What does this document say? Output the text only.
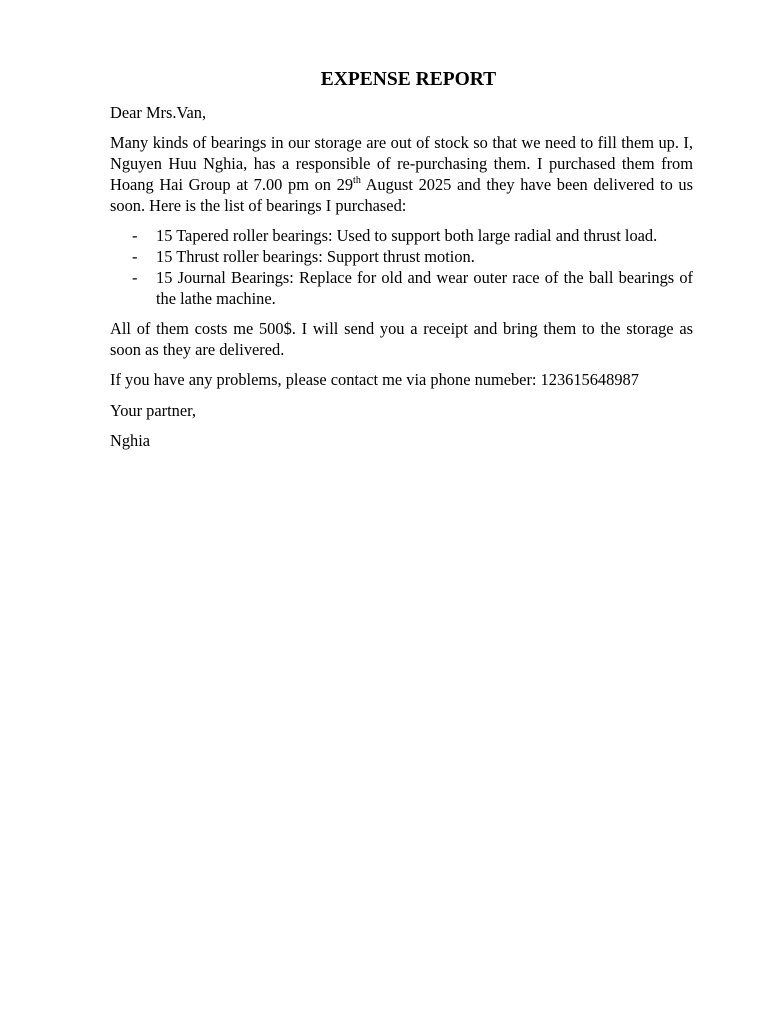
EXPENSE REPORT

Dear Mrs.Van,

Many kinds of bearings in our storage are out of stock so that we need to fill them up. I, Nguyen Huu Nghia, has a responsible of re-purchasing them. I purchased them from Hoang Hai Group at 7.00 pm on 29th August 2025 and they have been delivered to us soon. Here is the list of bearings I purchased:

- 15 Tapered roller bearings: Used to support both large radial and thrust load.
- 15 Thrust roller bearings: Support thrust motion.
- 15 Journal Bearings: Replace for old and wear outer race of the ball bearings of the lathe machine.

All of them costs me 500$. I will send you a receipt and bring them to the storage as soon as they are delivered.

If you have any problems, please contact me via phone numeber: 123615648987

Your partner,

Nghia
